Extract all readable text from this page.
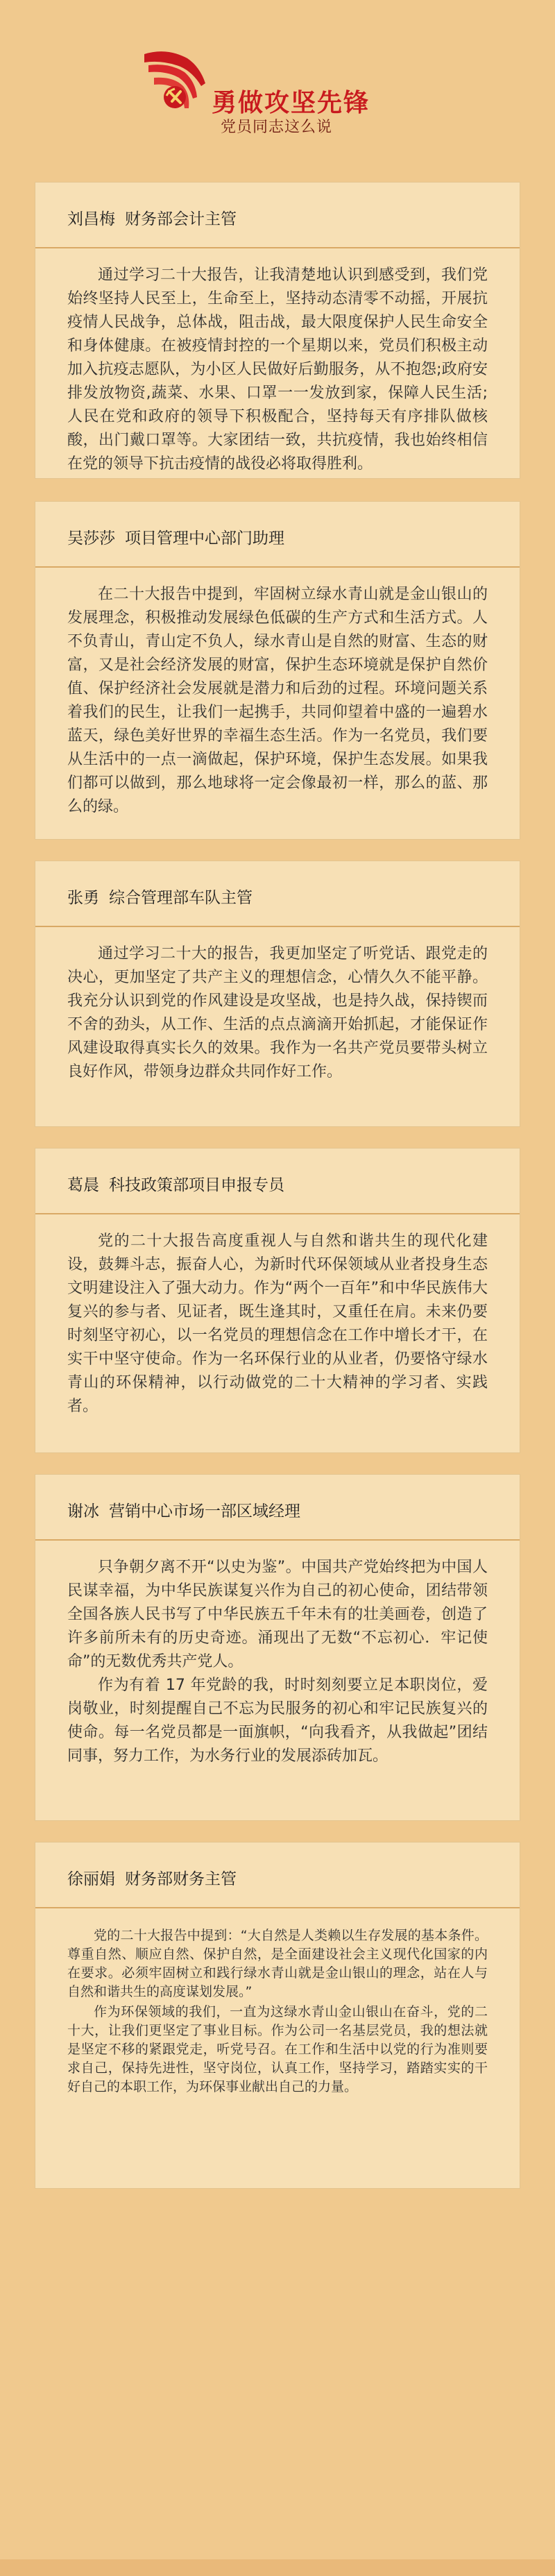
勇做攻坚先锋
党员同志这么说
刘昌梅 财务部会计主管

通过学习二十大报告，让我清楚地认识到感受到，我们党始终坚持人民至上，生命至上，坚持动态清零不动摇，开展抗疫情人民战争，总体战，阻击战，最大限度保护人民生命安全和身体健康。在被疫情封控的一个星期以来，党员们积极主动加入抗疫志愿队，为小区人民做好后勤服务，从不抱怨;政府安排发放物资,蔬菜、水果、口罩一一发放到家，保障人民生活; 人民在党和政府的领导下积极配合，坚持每天有序排队做核酸，出门戴口罩等。大家团结一致，共抗疫情，我也始终相信在党的领导下抗击疫情的战役必将取得胜利。

吴莎莎 项目管理中心部门助理

在二十大报告中提到，牢固树立绿水青山就是金山银山的发展理念，积极推动发展绿色低碳的生产方式和生活方式。人不负青山，青山定不负人，绿水青山是自然的财富、生态的财富，又是社会经济发展的财富，保护生态环境就是保护自然价值、保护经济社会发展就是潜力和后劲的过程。环境问题关系着我们的民生，让我们一起携手，共同仰望着中盛的一遍碧水蓝天，绿色美好世界的幸福生态生活。作为一名党员，我们要从生活中的一点一滴做起，保护环境，保护生态发展。如果我们都可以做到，那么地球将一定会像最初一样，那么的蓝、那么的绿。

张勇 综合管理部车队主管

通过学习二十大的报告，我更加坚定了听党话、跟党走的决心，更加坚定了共产主义的理想信念，心情久久不能平静。我充分认识到党的作风建设是攻坚战，也是持久战，保持锲而不舍的劲头，从工作、生活的点点滴滴开始抓起，才能保证作风建设取得真实长久的效果。我作为一名共产党员要带头树立良好作风，带领身边群众共同作好工作。

葛晨 科技政策部项目申报专员

党的二十大报告高度重视人与自然和谐共生的现代化建设，鼓舞斗志，振奋人心，为新时代环保领域从业者投身生态文明建设注入了强大动力。作为“两个一百年”和中华民族伟大复兴的参与者、见证者，既生逢其时，又重任在肩。未来仍要时刻坚守初心，以一名党员的理想信念在工作中增长才干，在实干中坚守使命。作为一名环保行业的从业者，仍要恪守绿水青山的环保精神，以行动做党的二十大精神的学习者、实践者。

谢冰 营销中心市场一部区域经理

只争朝夕离不开“以史为鉴”。中国共产党始终把为中国人民谋幸福，为中华民族谋复兴作为自己的初心使命，团结带领全国各族人民书写了中华民族五千年未有的壮美画卷，创造了许多前所未有的历史奇迹。涌现出了无数“不忘初心．牢记使命”的无数优秀共产党人。

作为有着 17 年党龄的我，时时刻刻要立足本职岗位，爱岗敬业，时刻提醒自己不忘为民服务的初心和牢记民族复兴的使命。每一名党员都是一面旗帜，“向我看齐，从我做起”团结同事，努力工作，为水务行业的发展添砖加瓦。

徐丽娟 财务部财务主管

党的二十大报告中提到：“大自然是人类赖以生存发展的基本条件。尊重自然、顺应自然、保护自然，是全面建设社会主义现代化国家的内在要求。必须牢固树立和践行绿水青山就是金山银山的理念，站在人与自然和谐共生的高度谋划发展。”

作为环保领域的我们，一直为这绿水青山金山银山在奋斗，党的二十大，让我们更坚定了事业目标。作为公司一名基层党员，我的想法就是坚定不移的紧跟党走，听党号召。在工作和生活中以党的行为准则要求自己，保持先进性，坚守岗位，认真工作，坚持学习，踏踏实实的干好自己的本职工作，为环保事业献出自己的力量。
